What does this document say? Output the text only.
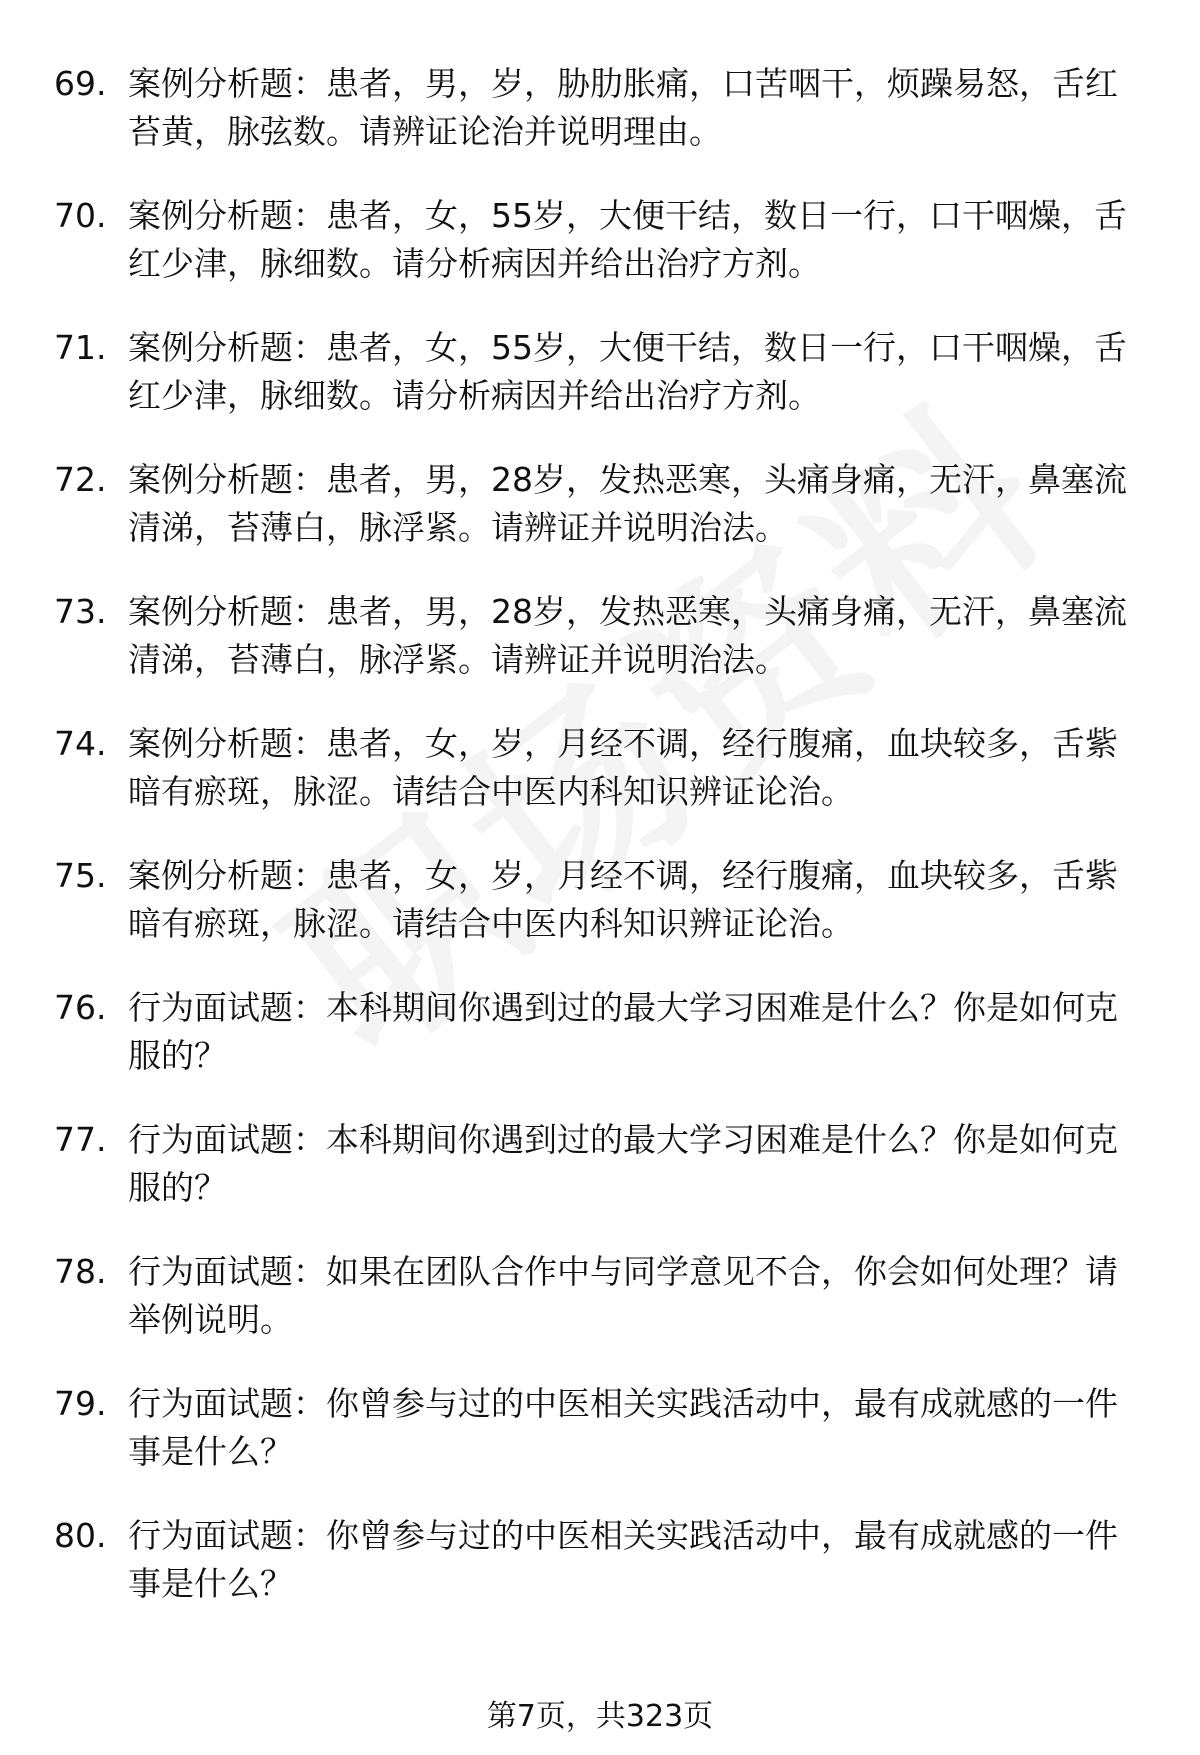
69. 案例分析题：患者，男，岁，胁肋胀痛，口苦咽干，烦躁易怒，舌红苔黄，脉弦数。请辨证论治并说明理由。
70. 案例分析题：患者，女，55岁，大便干结，数日一行，口干咽燥，舌红少津，脉细数。请分析病因并给出治疗方剂。
71. 案例分析题：患者，女，55岁，大便干结，数日一行，口干咽燥，舌红少津，脉细数。请分析病因并给出治疗方剂。
72. 案例分析题：患者，男，28岁，发热恶寒，头痛身痛，无汗，鼻塞流清涕，苔薄白，脉浮紧。请辨证并说明治法。
73. 案例分析题：患者，男，28岁，发热恶寒，头痛身痛，无汗，鼻塞流清涕，苔薄白，脉浮紧。请辨证并说明治法。
74. 案例分析题：患者，女，岁，月经不调，经行腹痛，血块较多，舌紫暗有瘀斑，脉涩。请结合中医内科知识辨证论治。
75. 案例分析题：患者，女，岁，月经不调，经行腹痛，血块较多，舌紫暗有瘀斑，脉涩。请结合中医内科知识辨证论治。
76. 行为面试题：本科期间你遇到过的最大学习困难是什么？你是如何克服的？
77. 行为面试题：本科期间你遇到过的最大学习困难是什么？你是如何克服的？
78. 行为面试题：如果在团队合作中与同学意见不合，你会如何处理？请举例说明。
79. 行为面试题：你曾参与过的中医相关实践活动中，最有成就感的一件事是什么？
80. 行为面试题：你曾参与过的中医相关实践活动中，最有成就感的一件事是什么？
第7页，共323页
